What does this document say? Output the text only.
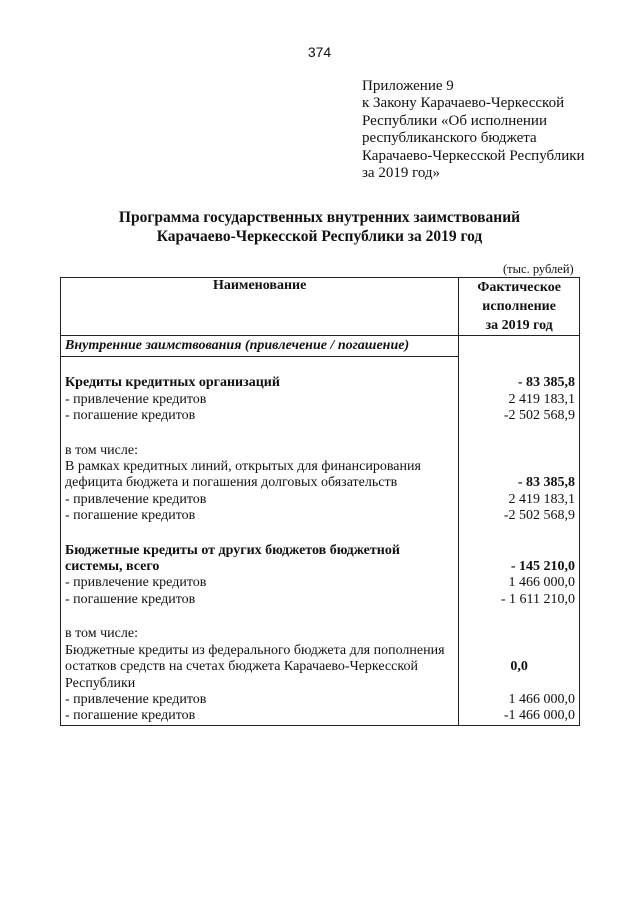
374
Приложение 9
к Закону Карачаево-Черкесской
Республики «Об исполнении
республиканского бюджета
Карачаево-Черкесской Республики
за 2019 год»
Программа государственных внутренних заимствований
Карачаево-Черкесской Республики за 2019 год
(тыс. рублей)
Наименование	Фактическое
исполнение
за 2019 год

Внутренние заимствования (привлечение / погашение)	

Кредиты кредитных организаций	- 83 385,8
- привлечение кредитов	2 419 183,1
- погашение кредитов	-2 502 568,9

в том числе:	
В рамках кредитных линий, открытых для финансирования дефицита бюджета и погашения долговых обязательств	- 83 385,8
- привлечение кредитов	2 419 183,1
- погашение кредитов	-2 502 568,9

Бюджетные кредиты от других бюджетов бюджетной системы, всего	- 145 210,0
- привлечение кредитов	1 466 000,0
- погашение кредитов	- 1 611 210,0

в том числе:	
Бюджетные кредиты из федерального бюджета для пополнения остатков средств на счетах бюджета Карачаево-Черкесской Республики	0,0
- привлечение кредитов	1 466 000,0
- погашение кредитов	-1 466 000,0
